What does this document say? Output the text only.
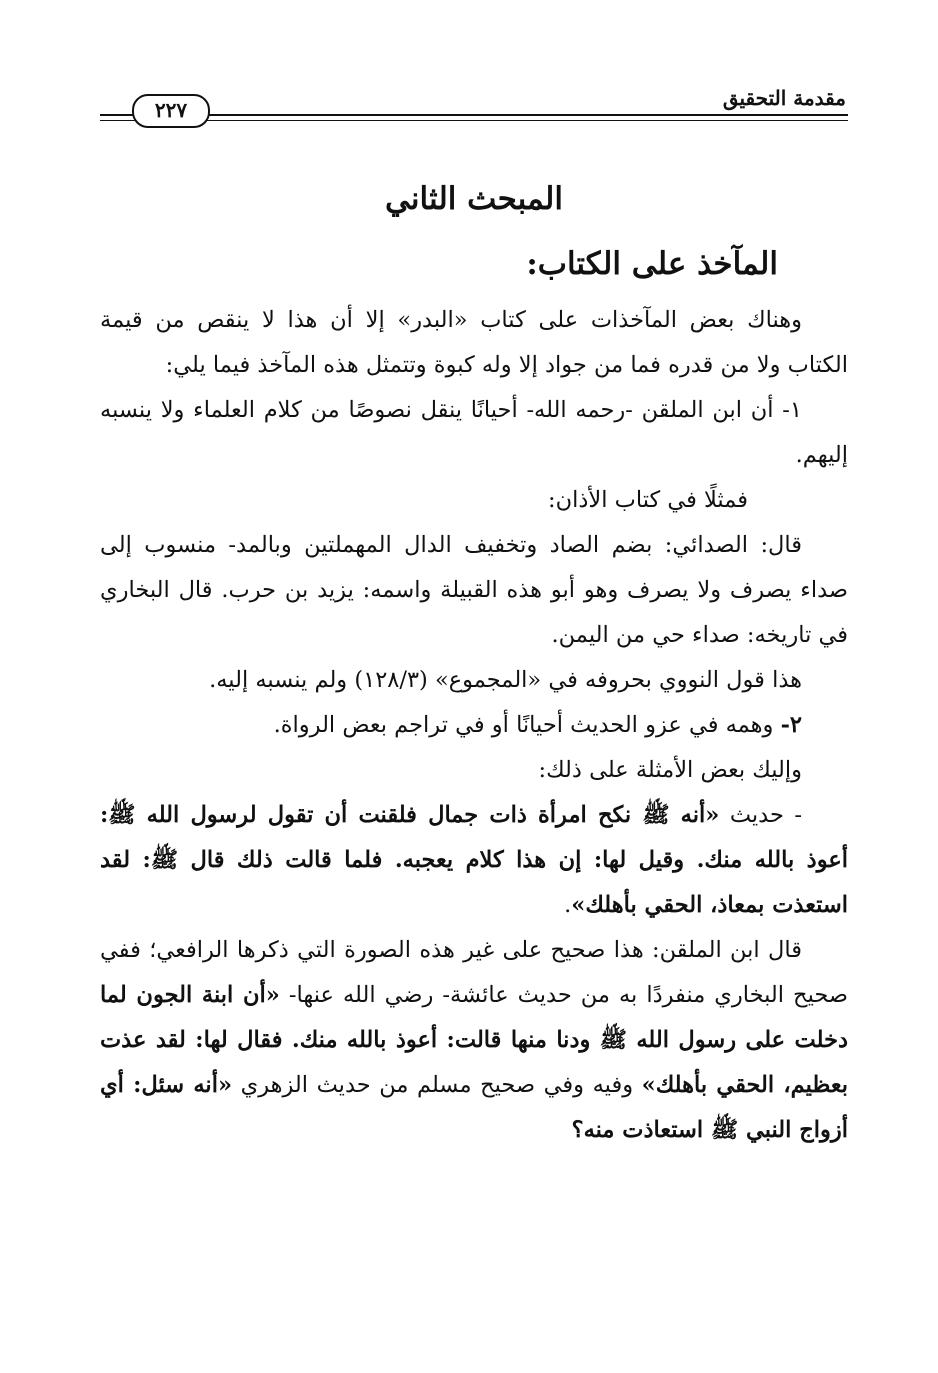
مقدمة التحقيق
٢٢٧
المبحث الثاني
المآخذ على الكتاب:

وهناك بعض المآخذات على كتاب «البدر» إلا أن هذا لا ينقص من قيمة الكتاب ولا من قدره فما من جواد إلا وله كبوة وتتمثل هذه المآخذ فيما يلي:

١- أن ابن الملقن -رحمه الله- أحيانًا ينقل نصوصًا من كلام العلماء ولا ينسبه إليهم.

فمثلًا في كتاب الأذان:

قال: الصدائي: بضم الصاد وتخفيف الدال المهملتين وبالمد- منسوب إلى صداء يصرف ولا يصرف وهو أبو هذه القبيلة واسمه: يزيد بن حرب. قال البخاري في تاريخه: صداء حي من اليمن.

هذا قول النووي بحروفه في «المجموع» (١٢٨/٣) ولم ينسبه إليه.

٢- وهمه في عزو الحديث أحيانًا أو في تراجم بعض الرواة.

وإليك بعض الأمثلة على ذلك:

- حديث «أنه ﷺ نكح امرأة ذات جمال فلقنت أن تقول لرسول الله ﷺ: أعوذ بالله منك. وقيل لها: إن هذا كلام يعجبه. فلما قالت ذلك قال ﷺ: لقد استعذت بمعاذ، الحقي بأهلك».

قال ابن الملقن: هذا صحيح على غير هذه الصورة التي ذكرها الرافعي؛ ففي صحيح البخاري منفردًا به من حديث عائشة- رضي الله عنها- «أن ابنة الجون لما دخلت على رسول الله ﷺ ودنا منها قالت: أعوذ بالله منك. فقال لها: لقد عذت بعظيم، الحقي بأهلك» وفيه وفي صحيح مسلم من حديث الزهري «أنه سئل: أي أزواج النبي ﷺ استعاذت منه؟
